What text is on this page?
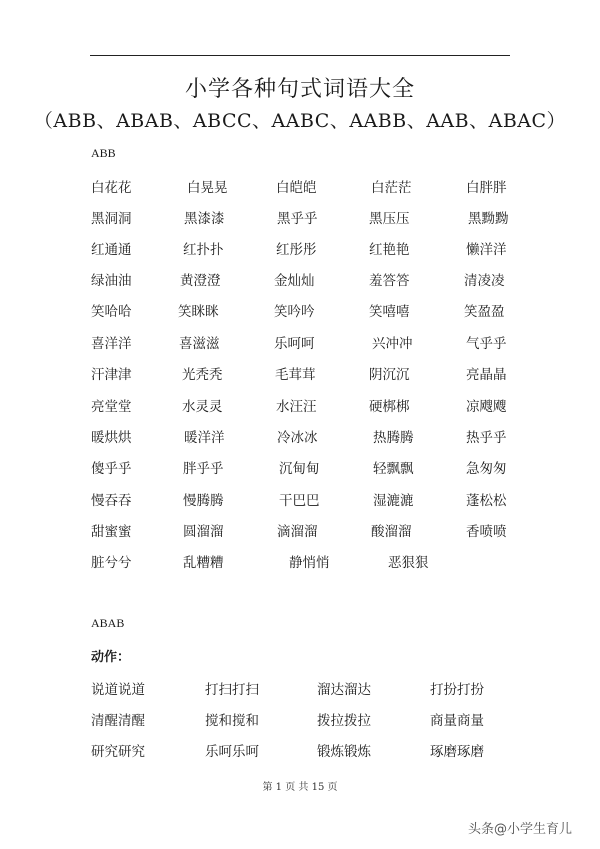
小学各种句式词语大全
（ABB、ABAB、ABCC、AABC、AABB、AAB、ABAC）
ABB
白花花	白晃晃	白皑皑	白茫茫	白胖胖
黑洞洞	黑漆漆	黑乎乎	黑压压	黑黝黝
红通通	红扑扑	红彤彤	红艳艳	懒洋洋
绿油油	黄澄澄	金灿灿	羞答答	清凌凌
笑哈哈	笑眯眯	笑吟吟	笑嘻嘻	笑盈盈
喜洋洋	喜滋滋	乐呵呵	兴冲冲	气乎乎
汗津津	光秃秃	毛茸茸	阴沉沉	亮晶晶
亮堂堂	水灵灵	水汪汪	硬梆梆	凉飕飕
暖烘烘	暖洋洋	冷冰冰	热腾腾	热乎乎
傻乎乎	胖乎乎	沉甸甸	轻飘飘	急匆匆
慢吞吞	慢腾腾	干巴巴	湿漉漉	蓬松松
甜蜜蜜	圆溜溜	滴溜溜	酸溜溜	香喷喷
脏兮兮	乱糟糟	静悄悄	恶狠狠
ABAB
动作：
说道说道	打扫打扫	溜达溜达	打扮打扮
清醒清醒	搅和搅和	拨拉拨拉	商量商量
研究研究	乐呵乐呵	锻炼锻炼	琢磨琢磨
第 1 页 共 15 页
头条@小学生育儿
